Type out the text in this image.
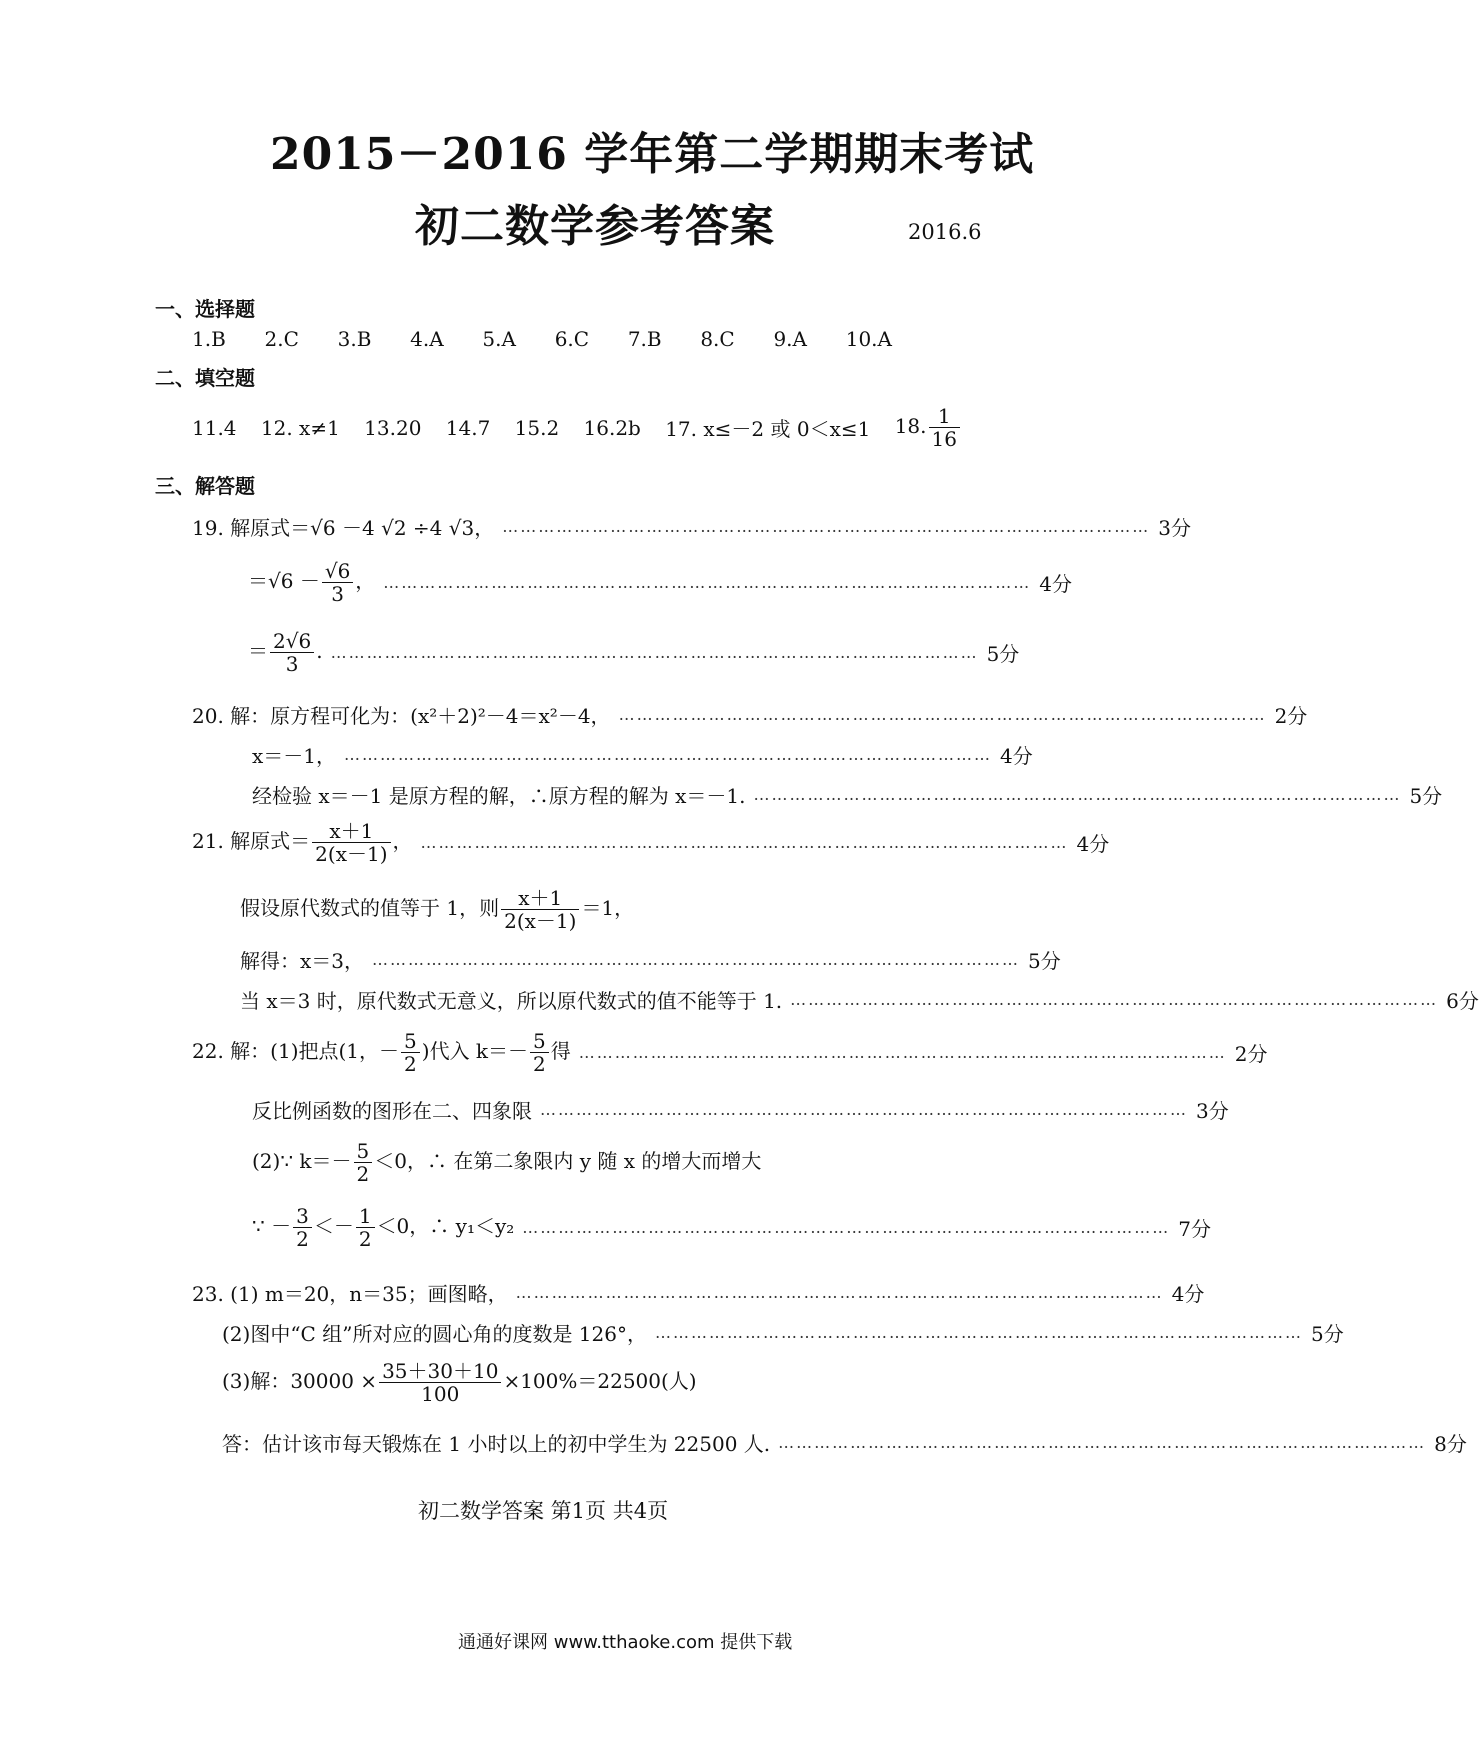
2015－2016 学年第二学期期末考试
初二数学参考答案	2016.6
一、选择题
1.B 2.C 3.B 4.A 5.A 6.C 7.B 8.C 9.A 10.A
二、填空题
11.4 12. x≠1 13.20 14.7 15.2 16.2b 17. x≤－2 或 0＜x≤1 18. $\frac{1}{16}$
三、解答题
19. 解原式＝√6 －4 √2 ÷4 √3， ……………………………………………………………………………………………… 3分
$=√6 - \frac{√6}{3}$ ， ……………………………………………………………………………………………… 4分
＝ $\frac{2√6}{3}$ . ……………………………………………………………………………………………… 5分
20. 解：原方程可化为：(x²＋2)²－4＝x²－4， ……………………………………………………………………………………………… 2分
x＝－1， ……………………………………………………………………………………………… 4分
经检验 x＝－1 是原方程的解，∴原方程的解为 x＝－1. ……………………………………………………………………………………………… 5分
21. 解原式＝ $\frac{x+1}{2(x-1)}$ ， ……………………………………………………………………………………………… 4分
假设原代数式的值等于 1，则 $\frac{x+1}{2(x-1)} =1$，
解得：x＝3， ……………………………………………………………………………………………… 5分
当 x＝3 时，原代数式无意义，所以原代数式的值不能等于 1. ……………………………………………………………………………………………… 6分
22. 解：(1)把点(1，－ $\frac{5}{2}$ )代入 $k=- \frac{5}{2}$ 得 ……………………………………………………………………………………………… 2分
反比例函数的图形在二、四象限 ……………………………………………………………………………………………… 3分
(2)∵ $k=- \frac{5}{2} <0$，∴ 在第二象限内 y 随 x 的增大而增大
∵ － $\frac{3}{2} <- \frac{1}{2} <0$，∴ y₁＜y₂ ……………………………………………………………………………………………… 7分
23. (1) m＝20，n＝35；画图略， ……………………………………………………………………………………………… 4分
(2)图中“C 组”所对应的圆心角的度数是 126°， ……………………………………………………………………………………………… 5分
(3)解：$30000 \times \frac{35+30+10}{100} \times 100\%=22500$(人)
答：估计该市每天锻炼在 1 小时以上的初中学生为 22500 人. ……………………………………………………………………………………………… 8分
初二数学答案 第1页 共4页
通通好课网 www.tthaoke.com 提供下载
